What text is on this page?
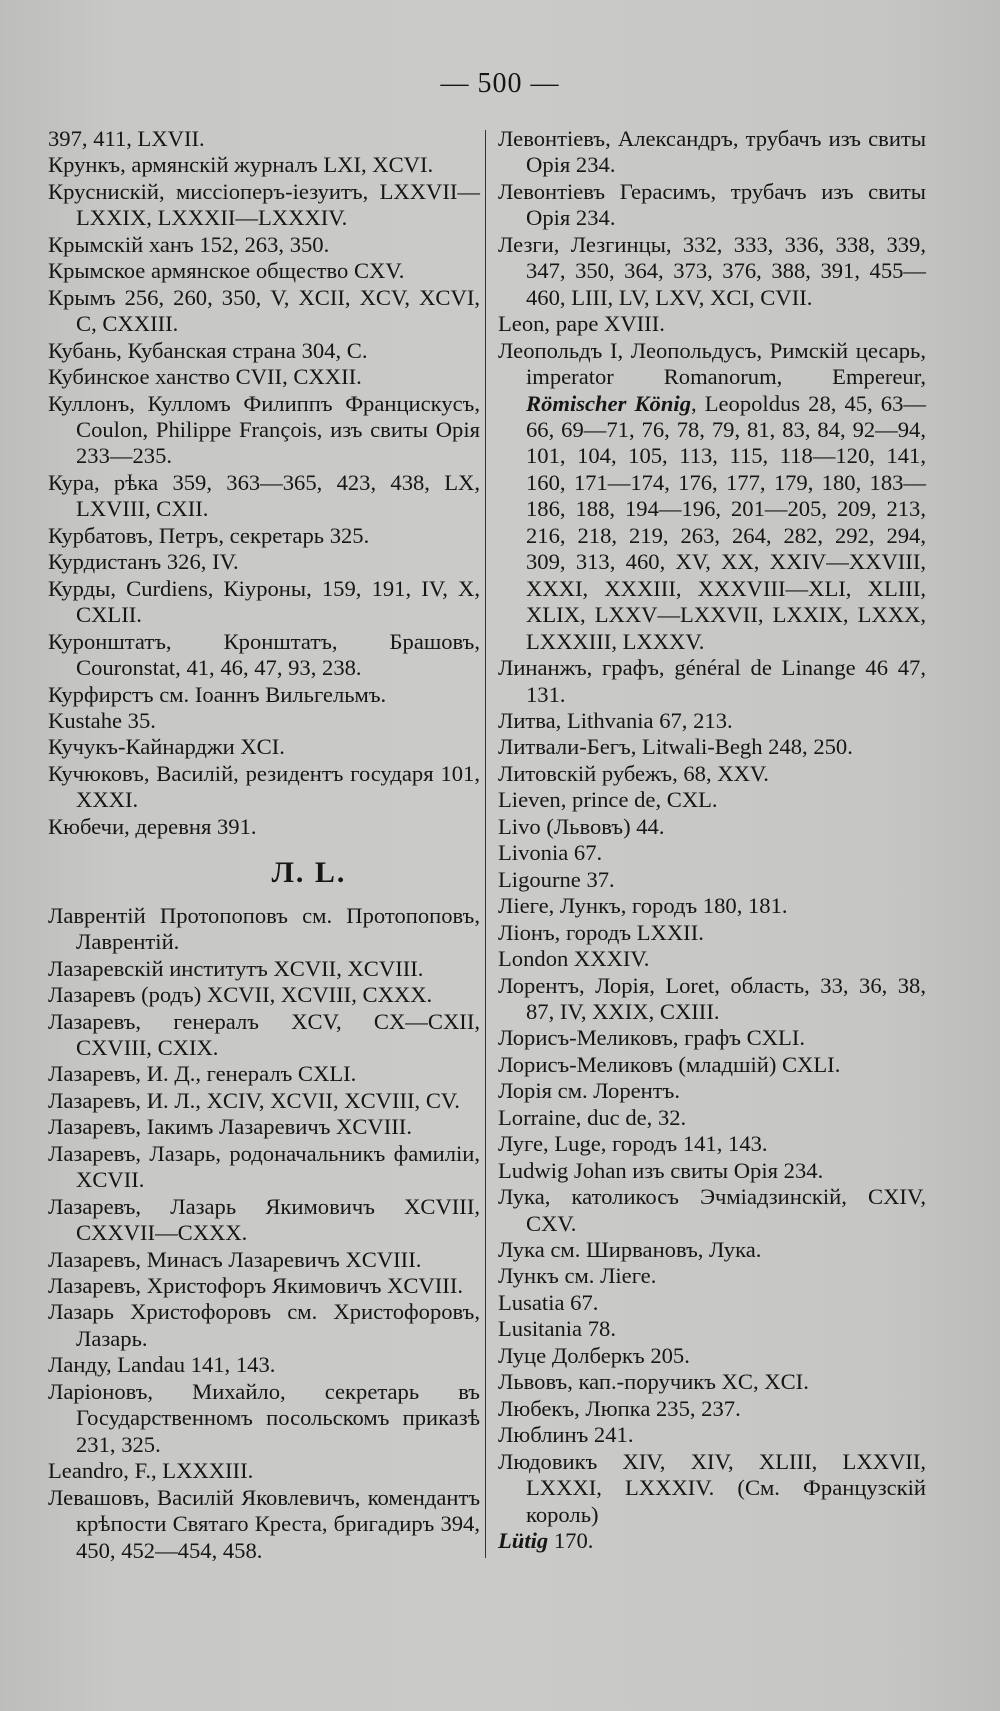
— 500 —
397, 411, LXVII.
Крункъ, армянскій журналъ LXI, XCVI.
Круснискій, миссіоперъ-іезуитъ, LXXVII—LXXIX, LXXXII—LXXXIV.
Крымскій ханъ 152, 263, 350.
Крымское армянское общество CXV.
Крымъ 256, 260, 350, V, XCII, XCV, XCVI, C, CXXIII.
Кубань, Кубанская страна 304, C.
Кубинское ханство CVII, CXXII.
Куллонъ, Кулломъ Филиппъ Францискусъ, Coulon, Philippe François, изъ свиты Орія 233—235.
Кура, рѣка 359, 363—365, 423, 438, LX, LXVIII, CXII.
Курбатовъ, Петръ, секретарь 325.
Курдистанъ 326, IV.
Курды, Curdiens, Кіуроны, 159, 191, IV, X, CXLII.
Куронштатъ, Кронштатъ, Брашовъ, Couronstat, 41, 46, 47, 93, 238.
Курфирстъ см. Іоаннъ Вильгельмъ.
Kustahe 35.
Кучукъ-Кайнарджи XCI.
Кучюковъ, Василій, резидентъ государя 101, XXXI.
Кюбечи, деревня 391.
Л. L.
Лаврентій Протопоповъ см. Протопоповъ, Лаврентій.
Лазаревскій институтъ XCVII, XCVIII.
Лазаревъ (родъ) XCVII, XCVIII, CXXX.
Лазаревъ, генералъ XCV, CX—CXII, CXVIII, CXIX.
Лазаревъ, И. Д., генералъ CXLI.
Лазаревъ, И. Л., XCIV, XCVII, XCVIII, CV.
Лазаревъ, Іакимъ Лазаревичъ XCVIII.
Лазаревъ, Лазарь, родоначальникъ фамиліи, XCVII.
Лазаревъ, Лазарь Якимовичъ XCVIII, CXXVII—CXXX.
Лазаревъ, Минасъ Лазаревичъ XCVIII.
Лазаревъ, Христофоръ Якимовичъ XCVIII.
Лазарь Христофоровъ см. Христофоровъ, Лазарь.
Ланду, Landau 141, 143.
Ларіоновъ, Михайло, секретарь въ Государственномъ посольскомъ приказѣ 231, 325.
Leandro, F., LXXXIII.
Левашовъ, Василій Яковлевичъ, комендантъ крѣпости Святаго Креста, бригадиръ 394, 450, 452—454, 458.
Левонтіевъ, Александръ, трубачъ изъ свиты Орія 234.
Левонтіевъ Герасимъ, трубачъ изъ свиты Орія 234.
Лезги, Лезгинцы, 332, 333, 336, 338, 339, 347, 350, 364, 373, 376, 388, 391, 455—460, LIII, LV, LXV, XCI, CVII.
Leon, pape XVIII.
Леопольдъ I, Леопольдусъ, Римскій цесарь, imperator Romanorum, Empereur, Römischer König, Leopoldus 28, 45, 63—66, 69—71, 76, 78, 79, 81, 83, 84, 92—94, 101, 104, 105, 113, 115, 118—120, 141, 160, 171—174, 176, 177, 179, 180, 183—186, 188, 194—196, 201—205, 209, 213, 216, 218, 219, 263, 264, 282, 292, 294, 309, 313, 460, XV, XX, XXIV—XXVIII, XXXI, XXXIII, XXXVIII—XLI, XLIII, XLIX, LXXV—LXXVII, LXXIX, LXXX, LXXXIII, LXXXV.
Линанжъ, графъ, général de Linange 46 47, 131.
Литва, Lithvania 67, 213.
Литвали-Бегъ, Litwali-Begh 248, 250.
Литовскій рубежъ, 68, XXV.
Lieven, prince de, CXL.
Livo (Львовъ) 44.
Livonia 67.
Ligourne 37.
Ліеге, Лункъ, городъ 180, 181.
Ліонъ, городъ LXXII.
London XXXIV.
Лорентъ, Лорія, Loret, область, 33, 36, 38, 87, IV, XXIX, CXIII.
Лорисъ-Меликовъ, графъ CXLI.
Лорисъ-Меликовъ (младшій) CXLI.
Лорія см. Лорентъ.
Lorraine, duc de, 32.
Луге, Luge, городъ 141, 143.
Ludwig Johan изъ свиты Орія 234.
Лука, католикосъ Эчміадзинскій, CXIV, CXV.
Лука см. Ширвановъ, Лука.
Лункъ см. Ліеге.
Lusatia 67.
Lusitania 78.
Луце Долберкъ 205.
Львовъ, кап.-поручикъ XC, XCI.
Любекъ, Люпка 235, 237.
Люблинъ 241.
Людовикъ XIV, XIV, XLIII, LXXVII, LXXXI, LXXXIV. (См. Французскій король)
Lütig 170.
